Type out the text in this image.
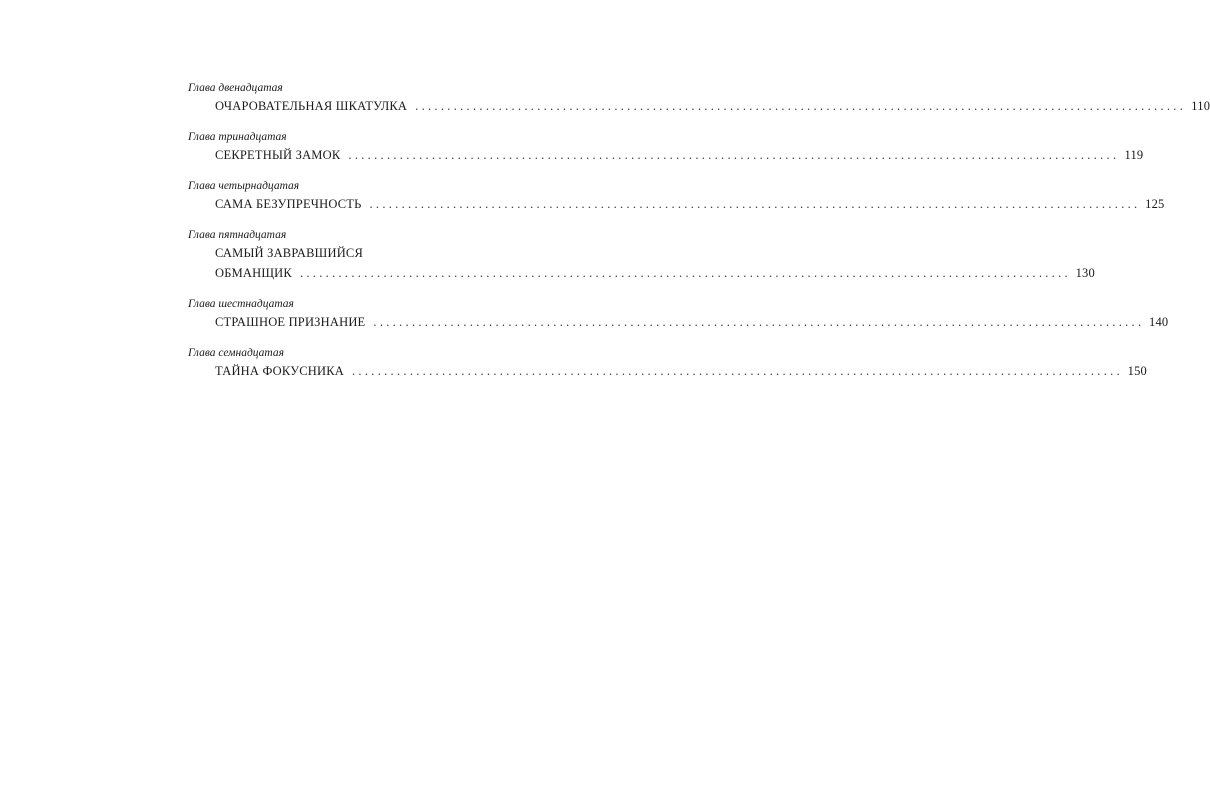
Глава двенадцатая
ОЧАРОВАТЕЛЬНАЯ ШКАТУЛКА ........................................................................................................................ 110
Глава тринадцатая
СЕКРЕТНЫЙ ЗАМОК ........................................................................................................................ 119
Глава четырнадцатая
САМА БЕЗУПРЕЧНОСТЬ ........................................................................................................................ 125
Глава пятнадцатая
САМЫЙ ЗАВРАВШИЙСЯ
ОБМАНЩИК ........................................................................................................................ 130
Глава шестнадцатая
СТРАШНОЕ ПРИЗНАНИЕ ........................................................................................................................ 140
Глава семнадцатая
ТАЙНА ФОКУСНИКА ........................................................................................................................ 150
